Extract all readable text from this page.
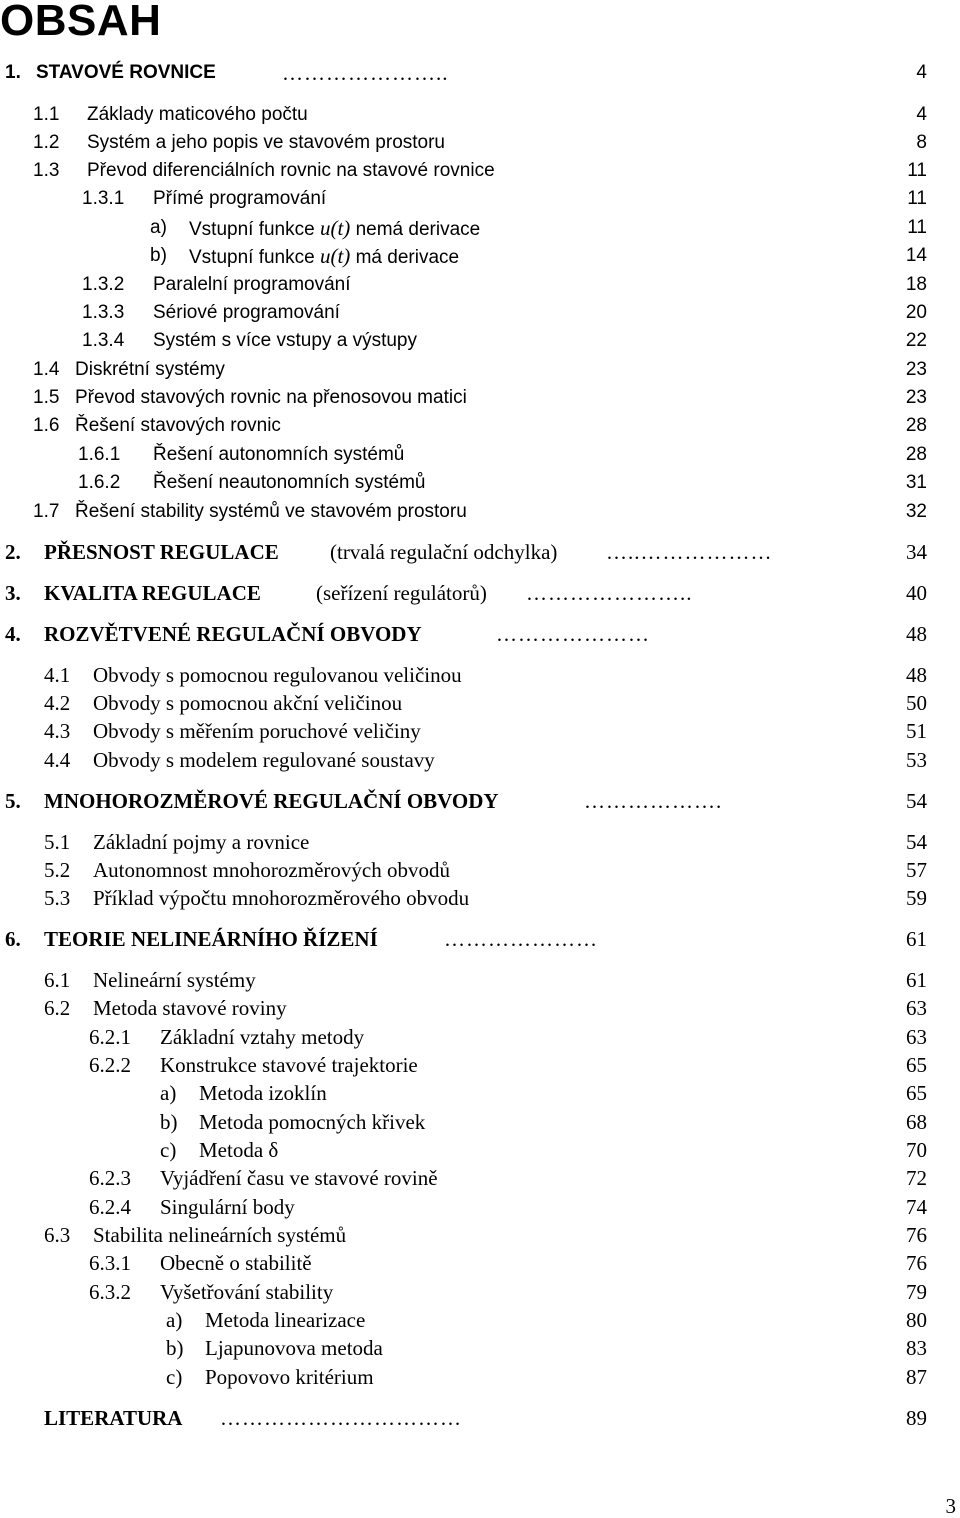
OBSAH
1. STAVOVÉ ROVNICE	…………………..	4
1.1 Základy maticového počtu	4
1.2 Systém a jeho popis ve stavovém prostoru	8
1.3 Převod diferenciálních rovnic na stavové rovnice	11
1.3.1 Přímé programování	11
a) Vstupní funkce u(t) nemá derivace	11
b) Vstupní funkce u(t) má derivace	14
1.3.2 Paralelní programování	18
1.3.3 Sériové programování	20
1.3.4 Systém s více vstupy a výstupy	22
1.4 Diskrétní systémy	23
1.5 Převod stavových rovnic na přenosovou matici	23
1.6 Řešení stavových rovnic	28
1.6.1 Řešení autonomních systémů	28
1.6.2 Řešení neautonomních systémů	31
1.7 Řešení stability systémů ve stavovém prostoru	32
2. PŘESNOST REGULACE (trvalá regulační odchylka) …..………………	34
3. KVALITA REGULACE	(seřízení regulátorů) …………………..	40
4. ROZVĚTVENÉ REGULAČNÍ OBVODY	…………………	48
4.1 Obvody s pomocnou regulovanou veličinou	48
4.2 Obvody s pomocnou akční veličinou	50
4.3 Obvody s měřením poruchové veličiny	51
4.4 Obvody s modelem regulované soustavy	53
5. MNOHOROZMĚROVÉ REGULAČNÍ OBVODY	……………….	54
5.1 Základní pojmy a rovnice	54
5.2 Autonomnost mnohorozměrových obvodů	57
5.3 Příklad výpočtu mnohorozměrového obvodu	59
6. TEORIE NELINEÁRNÍHO ŘÍZENÍ	…………………	61
6.1 Nelineární systémy	61
6.2 Metoda stavové roviny	63
6.2.1 Základní vztahy metody	63
6.2.2 Konstrukce stavové trajektorie	65
a) Metoda izoklín	65
b) Metoda pomocných křivek	68
c) Metoda δ	70
6.2.3 Vyjádření času ve stavové rovině	72
6.2.4 Singulární body	74
6.3 Stabilita nelineárních systémů	76
6.3.1 Obecně o stabilitě	76
6.3.2 Vyšetřování stability	79
a) Metoda linearizace	80
b) Ljapunovova metoda	83
c) Popovovo kritérium	87
LITERATURA ……………………………	89
3
